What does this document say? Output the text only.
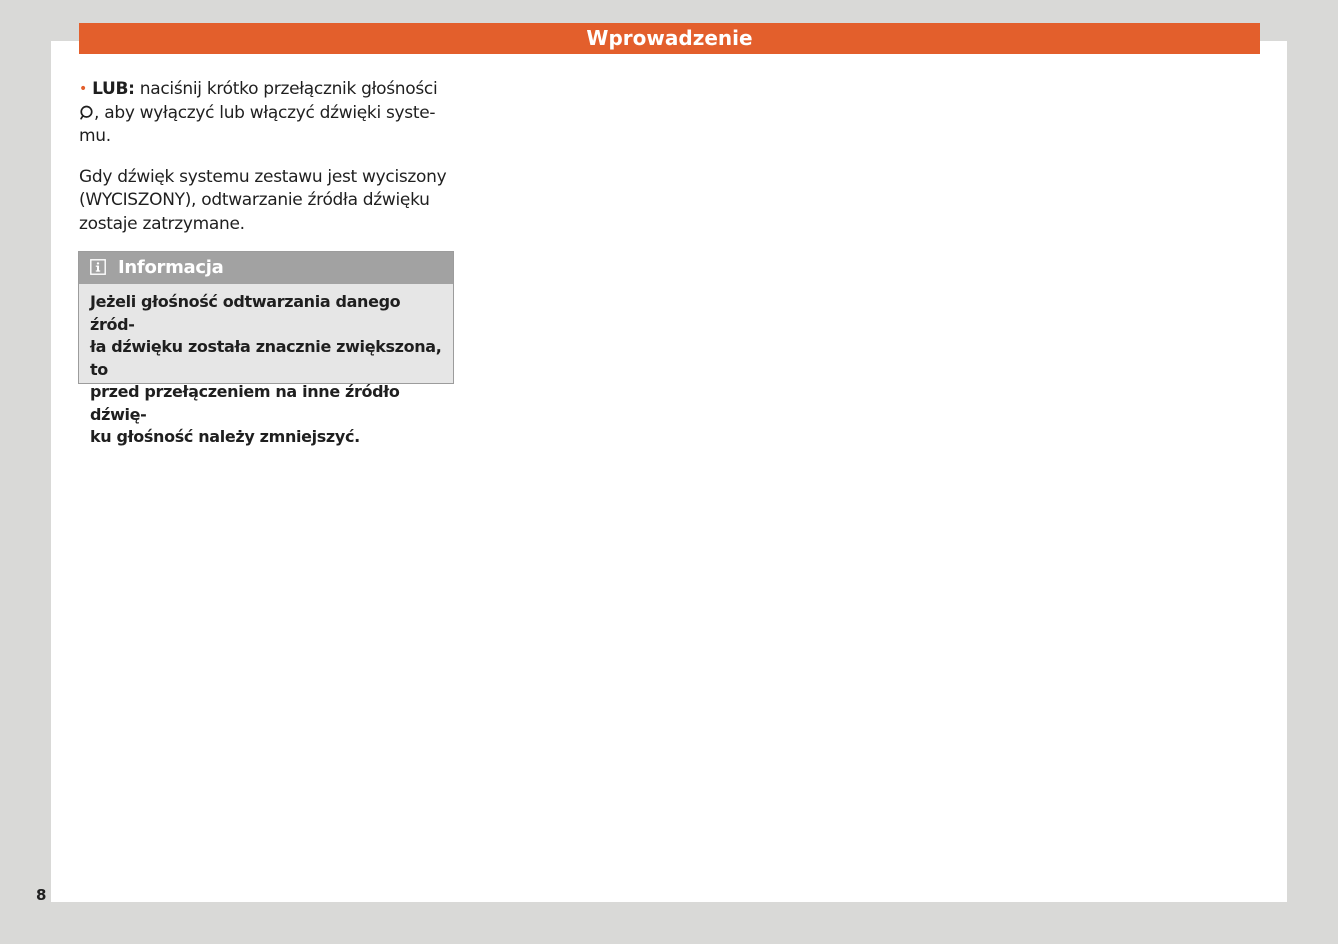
Wprowadzenie

• LUB: naciśnij krótko przełącznik głośności
, aby wyłączyć lub włączyć dźwięki syste-
mu.

Gdy dźwięk systemu zestawu jest wyciszony
(WYCISZONY), odtwarzanie źródła dźwięku
zostaje zatrzymane.

Informacja
Jeżeli głośność odtwarzania danego źród-
ła dźwięku została znacznie zwiększona, to
przed przełączeniem na inne źródło dźwię-
ku głośność należy zmniejszyć.
8
